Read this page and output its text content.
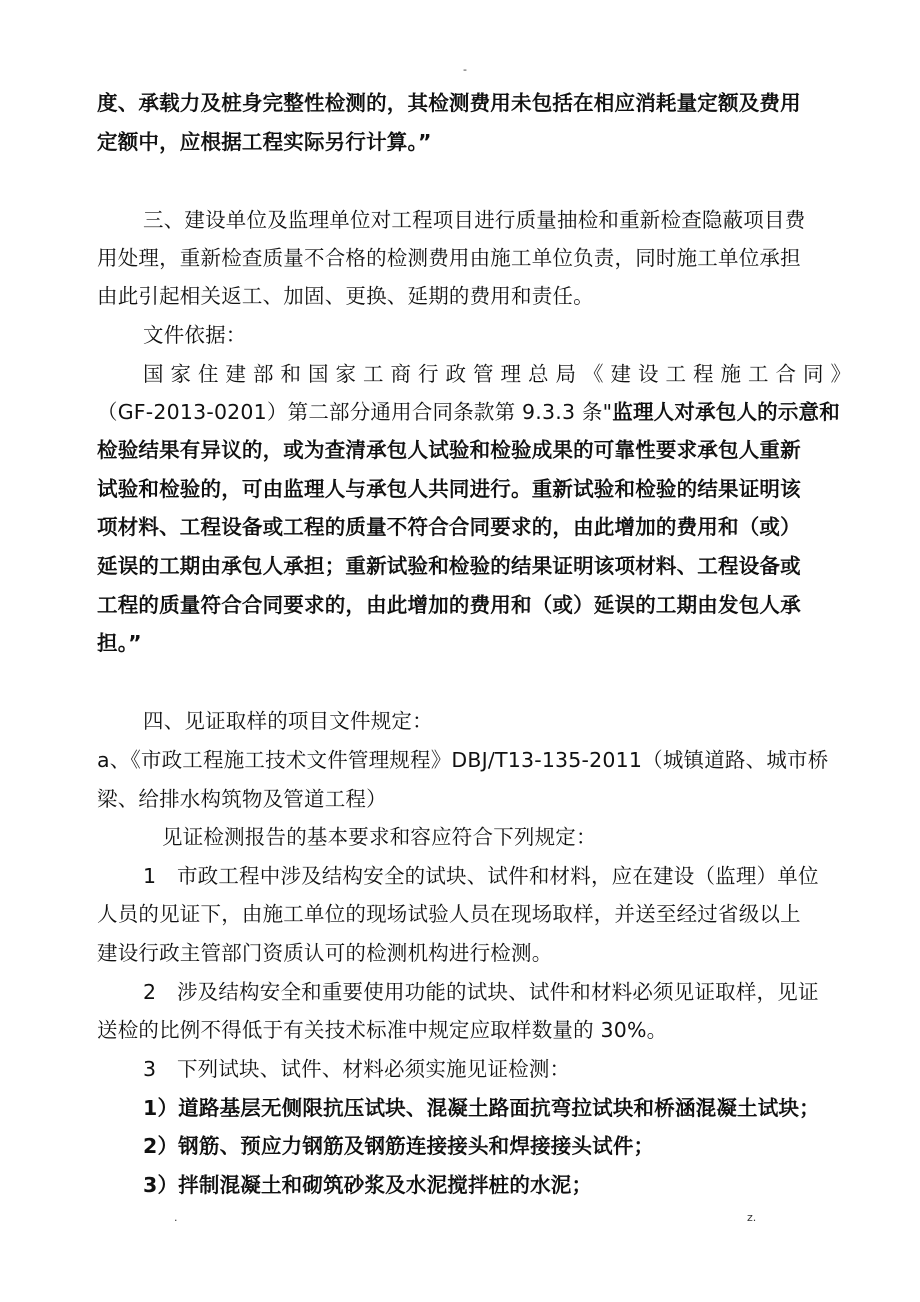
-
度、承载力及桩身完整性检测的，其检测费用未包括在相应消耗量定额及费用
定额中，应根据工程实际另行计算。”
三、建设单位及监理单位对工程项目进行质量抽检和重新检查隐蔽项目费
用处理，重新检查质量不合格的检测费用由施工单位负责，同时施工单位承担
由此引起相关返工、加固、更换、延期的费用和责任。
文件依据：
国家住建部和国家工商行政管理总局《建设工程施工合同》
（GF-2013-0201）第二部分通用合同条款第 9.3.3 条"监理人对承包人的示意和
检验结果有异议的，或为查清承包人试验和检验成果的可靠性要求承包人重新
试验和检验的，可由监理人与承包人共同进行。重新试验和检验的结果证明该
项材料、工程设备或工程的质量不符合合同要求的，由此增加的费用和（或）
延误的工期由承包人承担；重新试验和检验的结果证明该项材料、工程设备或
工程的质量符合合同要求的，由此增加的费用和（或）延误的工期由发包人承
担。”
四、见证取样的项目文件规定：
a、《市政工程施工技术文件管理规程》DBJ/T13-135-2011（城镇道路、城市桥
梁、给排水构筑物及管道工程）
见证检测报告的基本要求和容应符合下列规定：
1　市政工程中涉及结构安全的试块、试件和材料，应在建设（监理）单位
人员的见证下，由施工单位的现场试验人员在现场取样，并送至经过省级以上
建设行政主管部门资质认可的检测机构进行检测。
2　涉及结构安全和重要使用功能的试块、试件和材料必须见证取样，见证
送检的比例不得低于有关技术标准中规定应取样数量的 30%。
3　下列试块、试件、材料必须实施见证检测：
1）道路基层无侧限抗压试块、混凝土路面抗弯拉试块和桥涵混凝土试块；
2）钢筋、预应力钢筋及钢筋连接接头和焊接接头试件；
3）拌制混凝土和砌筑砂浆及水泥搅拌桩的水泥；
.	z.
